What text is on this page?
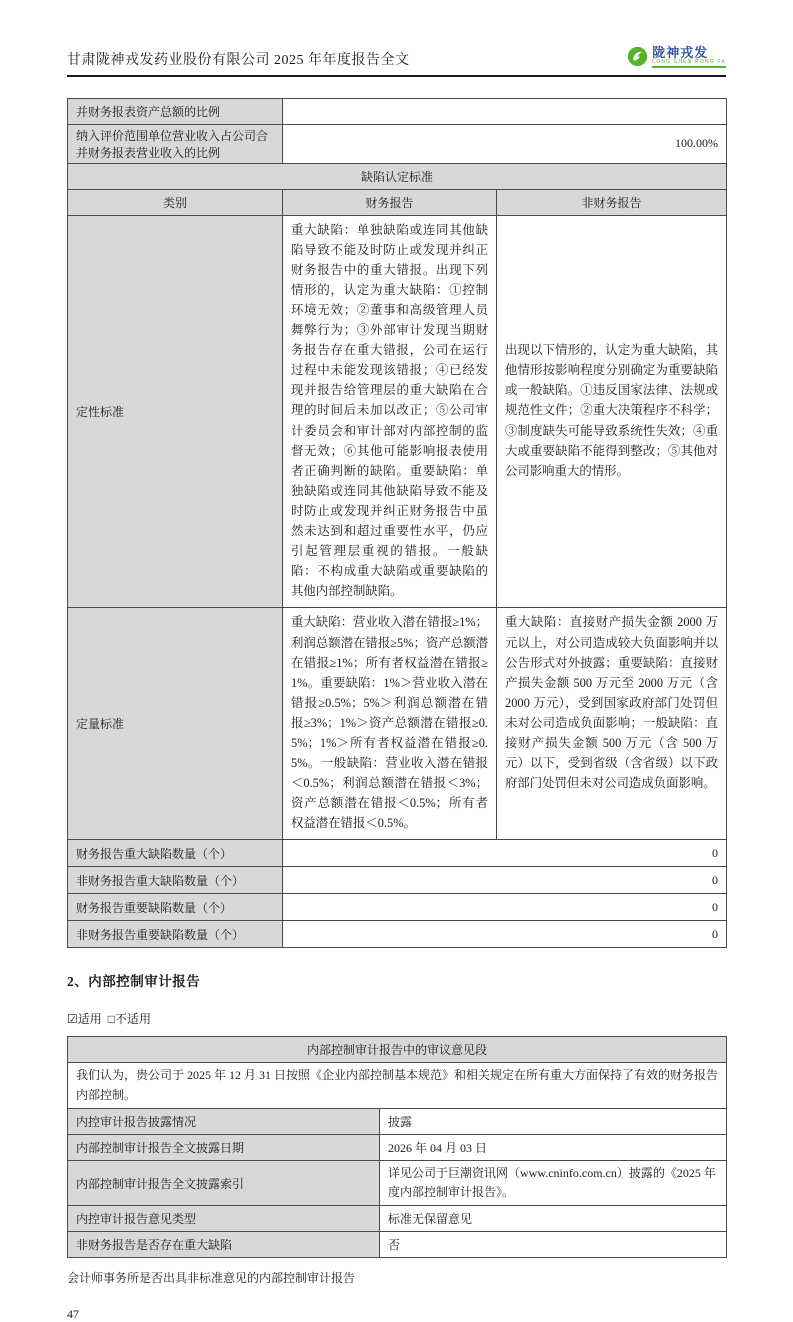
甘肃陇神戎发药业股份有限公司 2025 年年度报告全文
陇神戎发
LONG SHEN RONG FA
并财务报表资产总额的比例		
纳入评价范围单位营业收入占公司合并财务报表营业收入的比例	100.00%	
缺陷认定标准		
类别	财务报告	非财务报告
定性标准	重大缺陷：单独缺陷或连同其他缺陷导致不能及时防止或发现并纠正财务报告中的重大错报。出现下列情形的，认定为重大缺陷：①控制环境无效；②董事和高级管理人员舞弊行为；③外部审计发现当期财务报告存在重大错报，公司在运行过程中未能发现该错报；④已经发现并报告给管理层的重大缺陷在合理的时间后未加以改正；⑤公司审计委员会和审计部对内部控制的监督无效；⑥其他可能影响报表使用者正确判断的缺陷。重要缺陷：单独缺陷或连同其他缺陷导致不能及时防止或发现并纠正财务报告中虽然未达到和超过重要性水平，仍应引起管理层重视的错报。一般缺陷：不构成重大缺陷或重要缺陷的其他内部控制缺陷。	出现以下情形的，认定为重大缺陷，其他情形按影响程度分别确定为重要缺陷或一般缺陷。①违反国家法律、法规或规范性文件；②重大决策程序不科学；③制度缺失可能导致系统性失效；④重大或重要缺陷不能得到整改；⑤其他对公司影响重大的情形。
定量标准	重大缺陷：营业收入潜在错报≥1%；利润总额潜在错报≥5%；资产总额潜在错报≥1%；所有者权益潜在错报≥1%。重要缺陷：1%＞营业收入潜在错报≥0.5%；5%＞利润总额潜在错报≥3%；1%＞资产总额潜在错报≥0.5%；1%＞所有者权益潜在错报≥0.5%。一般缺陷：营业收入潜在错报＜0.5%；利润总额潜在错报＜3%；资产总额潜在错报＜0.5%；所有者权益潜在错报＜0.5%。	重大缺陷：直接财产损失金额 2000 万元以上，对公司造成较大负面影响并以公告形式对外披露；重要缺陷：直接财产损失金额 500 万元至 2000 万元（含 2000 万元），受到国家政府部门处罚但未对公司造成负面影响；一般缺陷：直接财产损失金额 500 万元（含 500 万元）以下，受到省级（含省级）以下政府部门处罚但未对公司造成负面影响。
财务报告重大缺陷数量（个）	0	
非财务报告重大缺陷数量（个）	0	
财务报告重要缺陷数量（个）	0	
非财务报告重要缺陷数量（个）	0	
2、内部控制审计报告
☑适用 □不适用
内部控制审计报告中的审议意见段	
我们认为，贵公司于 2025 年 12 月 31 日按照《企业内部控制基本规范》和相关规定在所有重大方面保持了有效的财务报告内部控制。	
内控审计报告披露情况	披露
内部控制审计报告全文披露日期	2026 年 04 月 03 日
内部控制审计报告全文披露索引	详见公司于巨潮资讯网（www.cninfo.com.cn）披露的《2025 年度内部控制审计报告》。
内控审计报告意见类型	标准无保留意见
非财务报告是否存在重大缺陷	否
会计师事务所是否出具非标准意见的内部控制审计报告
47
